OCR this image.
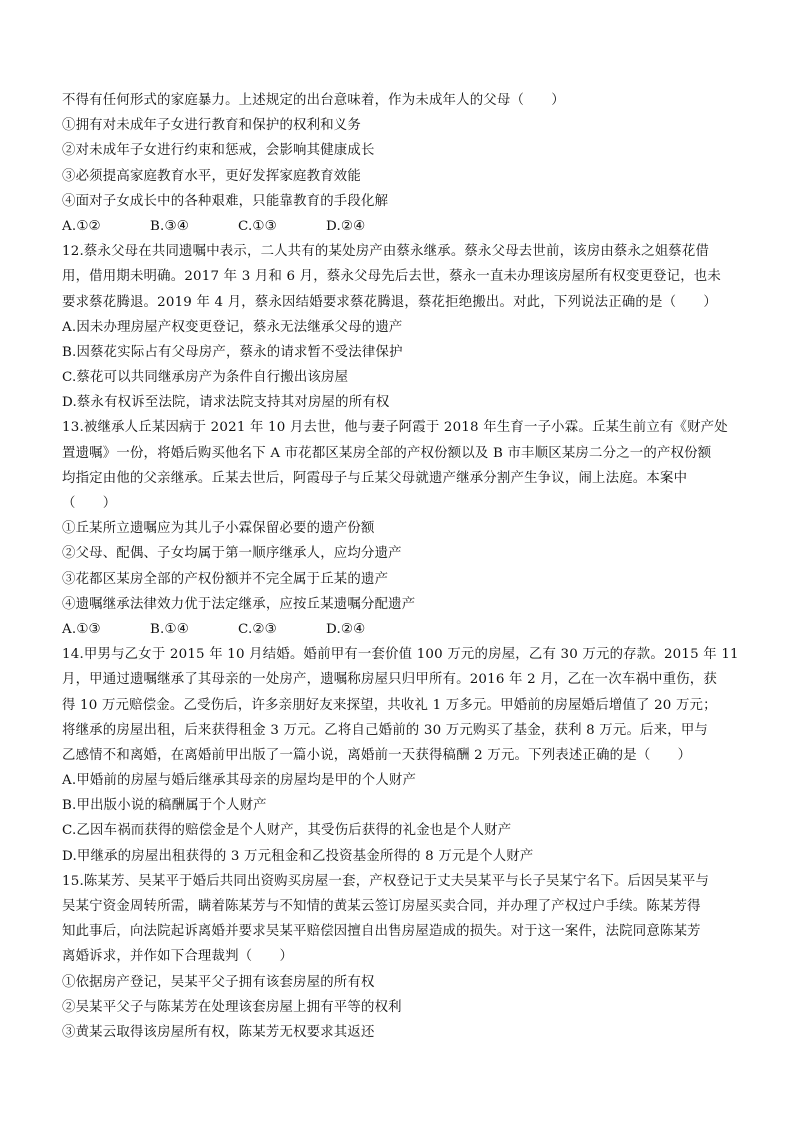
不得有任何形式的家庭暴力。上述规定的出台意味着，作为未成年人的父母（　　）
①拥有对未成年子女进行教育和保护的权利和义务
②对未成年子女进行约束和惩戒，会影响其健康成长
③必须提高家庭教育水平，更好发挥家庭教育效能
④面对子女成长中的各种艰难，只能靠教育的手段化解
A.①②	B.③④	C.①③	D.②④
12.蔡永父母在共同遗嘱中表示，二人共有的某处房产由蔡永继承。蔡永父母去世前，该房由蔡永之姐蔡花借
用，借用期未明确。2017 年 3 月和 6 月，蔡永父母先后去世，蔡永一直未办理该房屋所有权变更登记，也未
要求蔡花腾退。2019 年 4 月，蔡永因结婚要求蔡花腾退，蔡花拒绝搬出。对此，下列说法正确的是（　　）
A.因未办理房屋产权变更登记，蔡永无法继承父母的遗产
B.因蔡花实际占有父母房产，蔡永的请求暂不受法律保护
C.蔡花可以共同继承房产为条件自行搬出该房屋
D.蔡永有权诉至法院，请求法院支持其对房屋的所有权
13.被继承人丘某因病于 2021 年 10 月去世，他与妻子阿霞于 2018 年生育一子小霖。丘某生前立有《财产处
置遗嘱》一份，将婚后购买他名下 A 市花都区某房全部的产权份额以及 B 市丰顺区某房二分之一的产权份额
均指定由他的父亲继承。丘某去世后，阿霞母子与丘某父母就遗产继承分割产生争议，闹上法庭。本案中
（　　）
①丘某所立遗嘱应为其儿子小霖保留必要的遗产份额
②父母、配偶、子女均属于第一顺序继承人，应均分遗产
③花都区某房全部的产权份额并不完全属于丘某的遗产
④遗嘱继承法律效力优于法定继承，应按丘某遗嘱分配遗产
A.①③	B.①④	C.②③	D.②④
14.甲男与乙女于 2015 年 10 月结婚。婚前甲有一套价值 100 万元的房屋，乙有 30 万元的存款。2015 年 11
月，甲通过遗嘱继承了其母亲的一处房产，遗嘱称房屋只归甲所有。2016 年 2 月，乙在一次车祸中重伤，获
得 10 万元赔偿金。乙受伤后，许多亲朋好友来探望，共收礼 1 万多元。甲婚前的房屋婚后增值了 20 万元；
将继承的房屋出租，后来获得租金 3 万元。乙将自己婚前的 30 万元购买了基金，获利 8 万元。后来，甲与
乙感情不和离婚，在离婚前甲出版了一篇小说，离婚前一天获得稿酬 2 万元。下列表述正确的是（　　）
A.甲婚前的房屋与婚后继承其母亲的房屋均是甲的个人财产
B.甲出版小说的稿酬属于个人财产
C.乙因车祸而获得的赔偿金是个人财产，其受伤后获得的礼金也是个人财产
D.甲继承的房屋出租获得的 3 万元租金和乙投资基金所得的 8 万元是个人财产
15.陈某芳、吴某平于婚后共同出资购买房屋一套，产权登记于丈夫吴某平与长子吴某宁名下。后因吴某平与
吴某宁资金周转所需，瞒着陈某芳与不知情的黄某云签订房屋买卖合同，并办理了产权过户手续。陈某芳得
知此事后，向法院起诉离婚并要求吴某平赔偿因擅自出售房屋造成的损失。对于这一案件，法院同意陈某芳
离婚诉求，并作如下合理裁判（　　）
①依据房产登记，吴某平父子拥有该套房屋的所有权
②吴某平父子与陈某芳在处理该套房屋上拥有平等的权利
③黄某云取得该房屋所有权，陈某芳无权要求其返还
